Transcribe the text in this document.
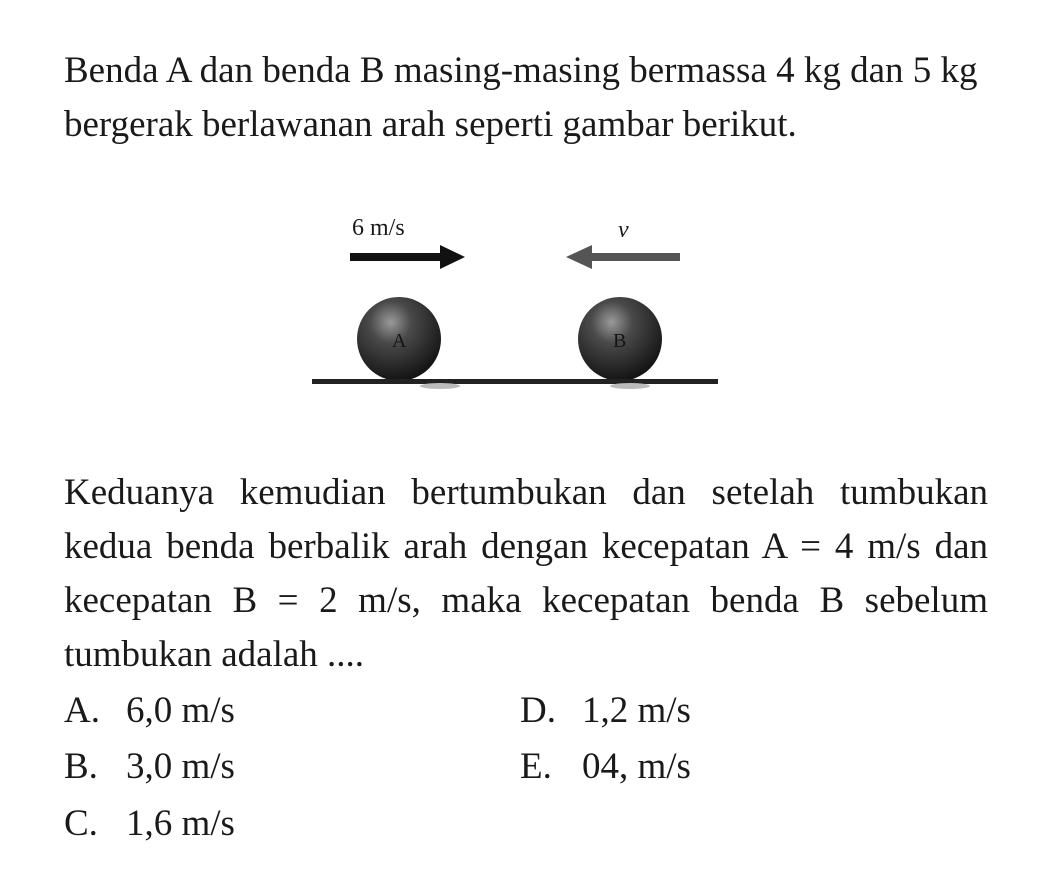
Benda A dan benda B masing-masing bermassa 4 kg dan 5 kg bergerak berlawanan arah seperti gambar berikut.

6 m/s	v
A	B

Keduanya kemudian bertumbukan dan setelah tumbukan kedua benda berbalik arah dengan kecepatan A = 4 m/s dan kecepatan B = 2 m/s, maka kecepatan benda B sebelum tumbukan adalah ....

A. 6,0 m/s
B. 3,0 m/s
C. 1,6 m/s
D. 1,2 m/s
E. 04, m/s
